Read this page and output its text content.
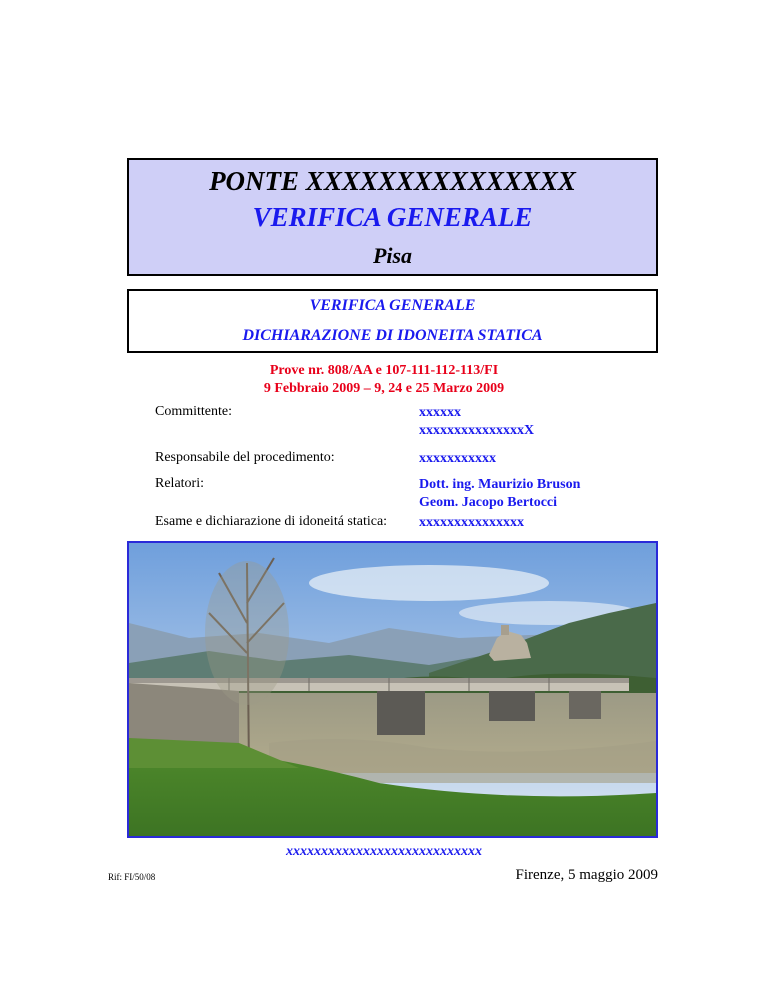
PONTE XXXXXXXXXXXXXXX
VERIFICA GENERALE
Pisa
VERIFICA GENERALE
DICHIARAZIONE DI IDONEITA STATICA
Prove nr. 808/AA e 107-111-112-113/FI
9 Febbraio 2009 – 9, 24 e 25 Marzo 2009
Committente:	xxxxxx
xxxxxxxxxxxxxxxX
Responsabile del procedimento:	xxxxxxxxxxx
Relatori:	Dott. ing. Maurizio Bruson
Geom. Jacopo Bertocci
Esame e dichiarazione di idoneitá statica: xxxxxxxxxxxxxxx
xxxxxxxxxxxxxxxxxxxxxxxxxxxx
Rif: FI/50/08	Firenze, 5 maggio 2009
